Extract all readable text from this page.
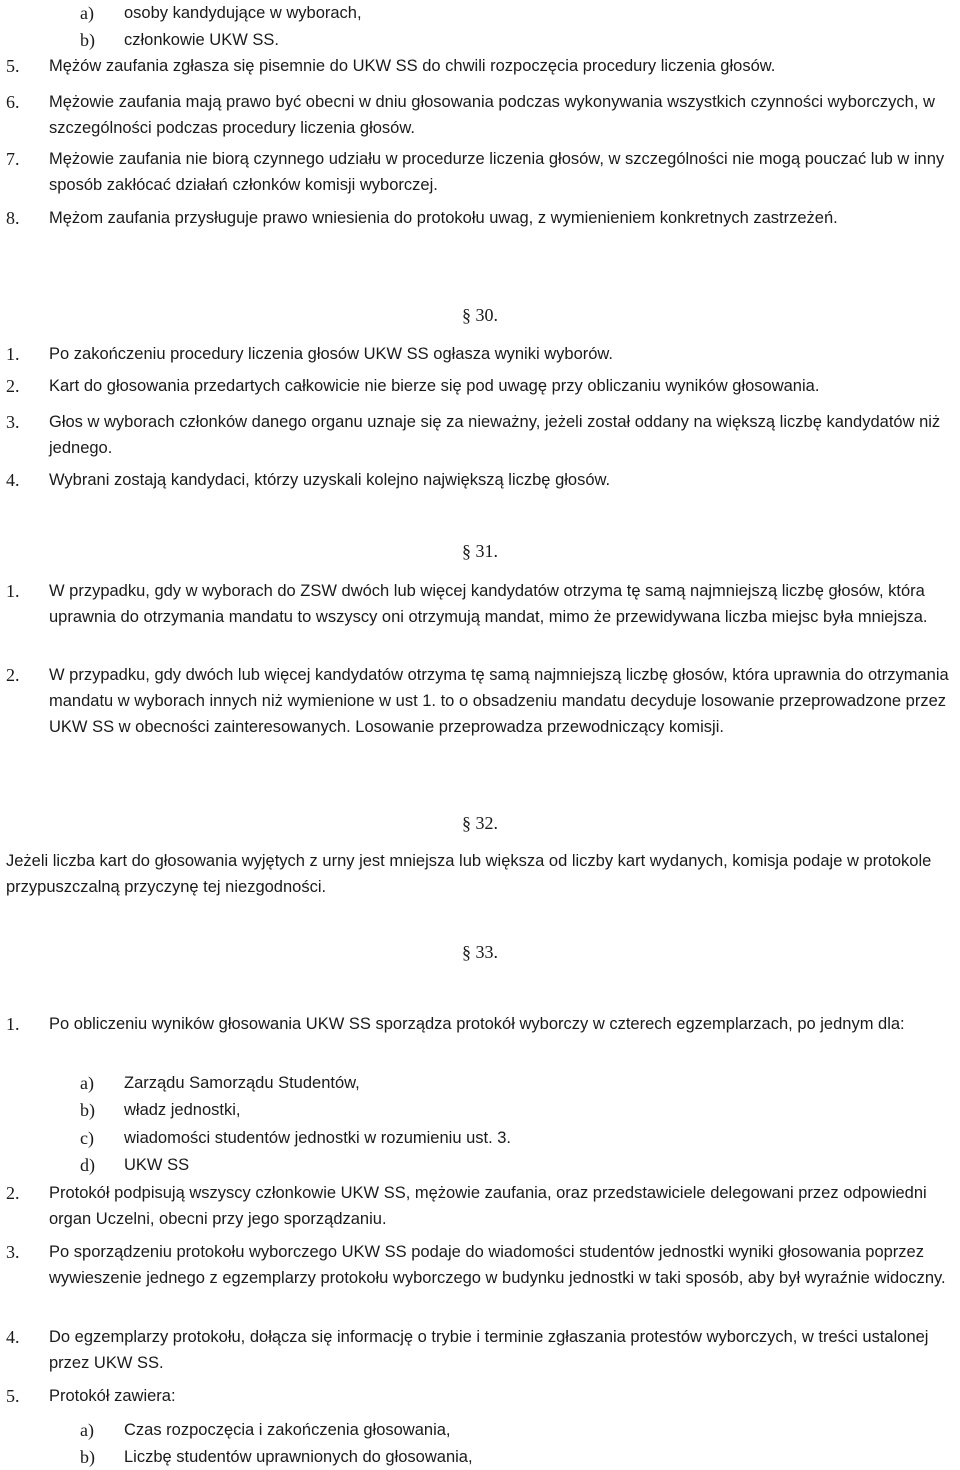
a) osoby kandydujące w wyborach,
b) członkowie UKW SS.
5. Mężów zaufania zgłasza się pisemnie do UKW SS do chwili rozpoczęcia procedury liczenia głosów.
6. Mężowie zaufania mają prawo być obecni w dniu głosowania podczas wykonywania wszystkich czynności wyborczych, w szczególności podczas procedury liczenia głosów.
7. Mężowie zaufania nie biorą czynnego udziału w procedurze liczenia głosów, w szczególności nie mogą pouczać lub w inny sposób zakłócać działań członków komisji wyborczej.
8. Mężom zaufania przysługuje prawo wniesienia do protokołu uwag, z wymienieniem konkretnych zastrzeżeń.
§ 30.
1. Po zakończeniu procedury liczenia głosów UKW SS ogłasza wyniki wyborów.
2. Kart do głosowania przedartych całkowicie nie bierze się pod uwagę przy obliczaniu wyników głosowania.
3. Głos w wyborach członków danego organu uznaje się za nieważny, jeżeli został oddany na większą liczbę kandydatów niż jednego.
4. Wybrani zostają kandydaci, którzy uzyskali kolejno największą liczbę głosów.
§ 31.
1. W przypadku, gdy w wyborach do ZSW dwóch lub więcej kandydatów otrzyma tę samą najmniejszą liczbę głosów, która uprawnia do otrzymania mandatu to wszyscy oni otrzymują mandat, mimo że przewidywana liczba miejsc była mniejsza.
2. W przypadku, gdy dwóch lub więcej kandydatów otrzyma tę samą najmniejszą liczbę głosów, która uprawnia do otrzymania mandatu w wyborach innych niż wymienione w ust 1. to o obsadzeniu mandatu decyduje losowanie przeprowadzone przez UKW SS w obecności zainteresowanych. Losowanie przeprowadza przewodniczący komisji.
§ 32.
Jeżeli liczba kart do głosowania wyjętych z urny jest mniejsza lub większa od liczby kart wydanych, komisja podaje w protokole przypuszczalną przyczynę tej niezgodności.
§ 33.
1. Po obliczeniu wyników głosowania UKW SS sporządza protokół wyborczy w czterech egzemplarzach, po jednym dla:
a) Zarządu Samorządu Studentów,
b) władz jednostki,
c) wiadomości studentów jednostki w rozumieniu ust. 3.
d) UKW SS
2. Protokół podpisują wszyscy członkowie UKW SS, mężowie zaufania, oraz przedstawiciele delegowani przez odpowiedni organ Uczelni, obecni przy jego sporządzaniu.
3. Po sporządzeniu protokołu wyborczego UKW SS podaje do wiadomości studentów jednostki wyniki głosowania poprzez wywieszenie jednego z egzemplarzy protokołu wyborczego w budynku jednostki w taki sposób, aby był wyraźnie widoczny.
4. Do egzemplarzy protokołu, dołącza się informację o trybie i terminie zgłaszania protestów wyborczych, w treści ustalonej przez UKW SS.
5. Protokół zawiera:
a) Czas rozpoczęcia i zakończenia głosowania,
b) Liczbę studentów uprawnionych do głosowania,
